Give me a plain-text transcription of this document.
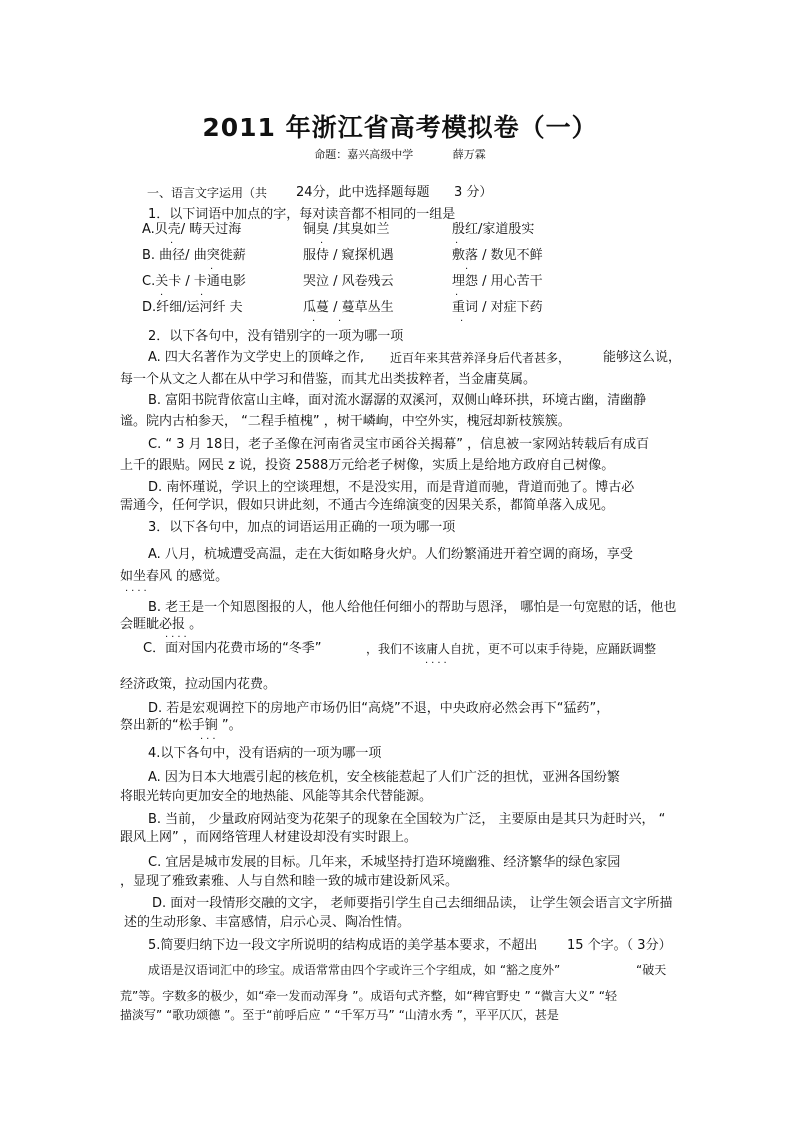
2011 年浙江省高考模拟卷（一）
命题：嘉兴高级中学	薛万霖
一、语言文字运用（共 24分，此中选择题每题 3 分）
1．以下词语中加点的字，每对读音都不相同的一组是
A.贝壳/ 畴天过海	铜臭 /其臭如兰	殷红/家道殷实
·	·	·
B. 曲径/ 曲突徙薪	服侍 / 窥探机遇	敷落 / 数见不鲜
·	·
C.关卡 / 卡通电影	哭泣 / 风卷残云	埋怨 / 用心苦干
·	·	·
D.纤细/运河纤 夫	瓜蔓 / 蔓草丛生	重词 / 对症下药
· ·	·
2．以下各句中，没有错别字的一项为哪一项
A. 四大名著作为文学史上的顶峰之作, 近百年来其营养泽身后代者甚多，	能够这么说，
每一个从文之人都在从中学习和借鉴，而其尤出类拔粹者，当金庸莫属。
B. 富阳书院背依富山主峰，面对流水潺潺的双溪河，双侧山峰环拱，环境古幽，清幽静
谧。院内古柏参天， “二程手植槐” ，树干嶙峋，中空外实，槐冠却新枝簇簇。
C. “ 3 月 18日，老子圣像在河南省灵宝市函谷关揭幕” ，信息被一家网站转载后有成百
上千的跟贴。网民 z 说，投资 2588万元给老子树像，实质上是给地方政府自己树像。
D. 南怀瑾说，学识上的空谈理想，不是没实用，而是背道而驰，背道而弛了。博古必
需通今，任何学识，假如只讲此刻，不通古今连绵演变的因果关系，都简单落入成见。
3．以下各句中，加点的词语运用正确的一项为哪一项
A. 八月，杭城遭受高温，走在大街如略身火炉。人们纷繁涌进开着空调的商场，享受
如坐春风 的感觉。
····
B. 老王是一个知恩图报的人，他人给他任何细小的帮助与恩泽， 哪怕是一句宽慰的话，他也
会睚眦必报 。
····
C．面对国内花费市场的“冬季”	，我们不该庸人自扰 ，更不可以束手待毙，应踊跃调整
····
经济政策，拉动国内花费。
D. 若是宏观调控下的房地产市场仍旧“高烧”不退，中央政府必然会再下“猛药”，
祭出新的“松手锏 ”。
···
4.以下各句中，没有语病的一项为哪一项
A. 因为日本大地震引起的核危机，安全核能惹起了人们广泛的担忧，亚洲各国纷繁
将眼光转向更加安全的地热能、风能等其余代替能源。
B. 当前， 少量政府网站变为花架子的现象在全国较为广泛， 主要原由是其只为赶时兴， “
跟风上网” ，而网络管理人材建设却没有实时跟上。
C. 宜居是城市发展的目标。几年来，禾城坚持打造环境幽雅、经济繁华的绿色家园
，显现了雅致素雅、人与自然和睦一致的城市建设新风采。
D. 面对一段情形交融的文字， 老师要指引学生自己去细细品读， 让学生领会语言文字所描
述的生动形象、丰富感情，启示心灵、陶冶性情。
5.简要归纳下边一段文字所说明的结构成语的美学基本要求，不超出 15 个字。（ 3分）
成语是汉语词汇中的珍宝。成语常常由四个字或许三个字组成，如 “豁之度外”	“破天
荒”等。字数多的极少，如“牵一发而动浑身 ”。成语句式齐整，如“稗官野史 ” “微言大义” “轻
描淡写” “歌功颂德 ”。至于“前呼后应 ” “千军万马” “山清水秀 ”，平平仄仄，甚是
